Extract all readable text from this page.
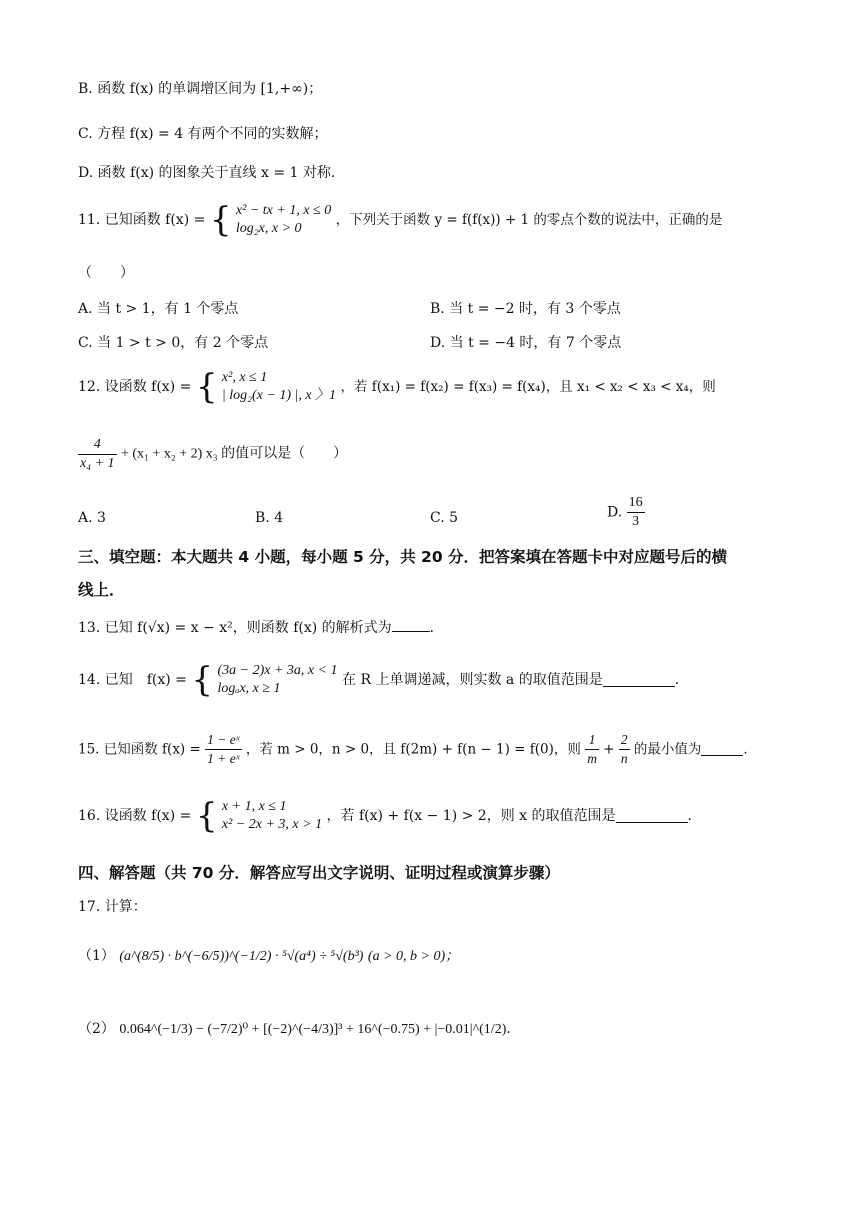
B. 函数 f(x) 的单调增区间为 [1,+∞)；
C. 方程 f(x) = 4 有两个不同的实数解；
D. 函数 f(x) 的图象关于直线 x = 1 对称．
11. 已知函数 f(x) = { x² − tx + 1, x ≤ 0
log₂x, x > 0
，下列关于函数 y = f(f(x)) + 1 的零点个数的说法中，正确的是
（　　）
A. 当 t > 1，有 1 个零点	B. 当 t = −2 时，有 3 个零点
C. 当 1 > t > 0，有 2 个零点	D. 当 t = −4 时，有 7 个零点
12. 设函数 f(x) = { x², x ≤ 1
| log₂(x − 1) |, x 〉1
，若 f(x₁) = f(x₂) = f(x₃) = f(x₄)，且 x₁ < x₂ < x₃ < x₄，则
$\frac{4}{\text{x₄ + 1}} + (x_1 + x_2 + 2)$ x₃ 的值可以是（　　）
A. 3	B. 4	C. 5	D. $\frac{16}{3}$
三、填空题：本大题共 4 小题，每小题 5 分，共 20 分．把答案填在答题卡中对应题号后的横
线上．
13. 已知 f(√x) = x − x²，则函数 f(x) 的解析式为	．
14. 已知　f(x) = { (3a − 2)x + 3a, x < 1
logₐx, x ≥ 1
在 R 上单调递减，则实数 a 的取值范围是	．
15. 已知函数 $f(x) = \frac{\text{1 − eˣ}}{\text{1 + eˣ}}$ ，若 m > 0，n > 0，且 f(2m) + f(n − 1) = f(0)，则 $\frac{1}{m} + \frac{2}{n}$ 的最小值为	．
16. 设函数 f(x) = { x + 1, x ≤ 1
x² − 2x + 3, x > 1
，若 f(x) + f(x − 1) > 2，则 x 的取值范围是	．
四、解答题（共 70 分．解答应写出文字说明、证明过程或演算步骤）
17. 计算：
（1） (a^(8/5) · b^(−6/5))^(−1/2) · ⁵√(a⁴) ÷ ⁵√(b³) (a > 0, b > 0)；
（2） 0.064^(−1/3) − (−7/2)⁰ + [(−2)^(−4/3)]³ + 16^(−0.75) + |−0.01|^(1/2)．
